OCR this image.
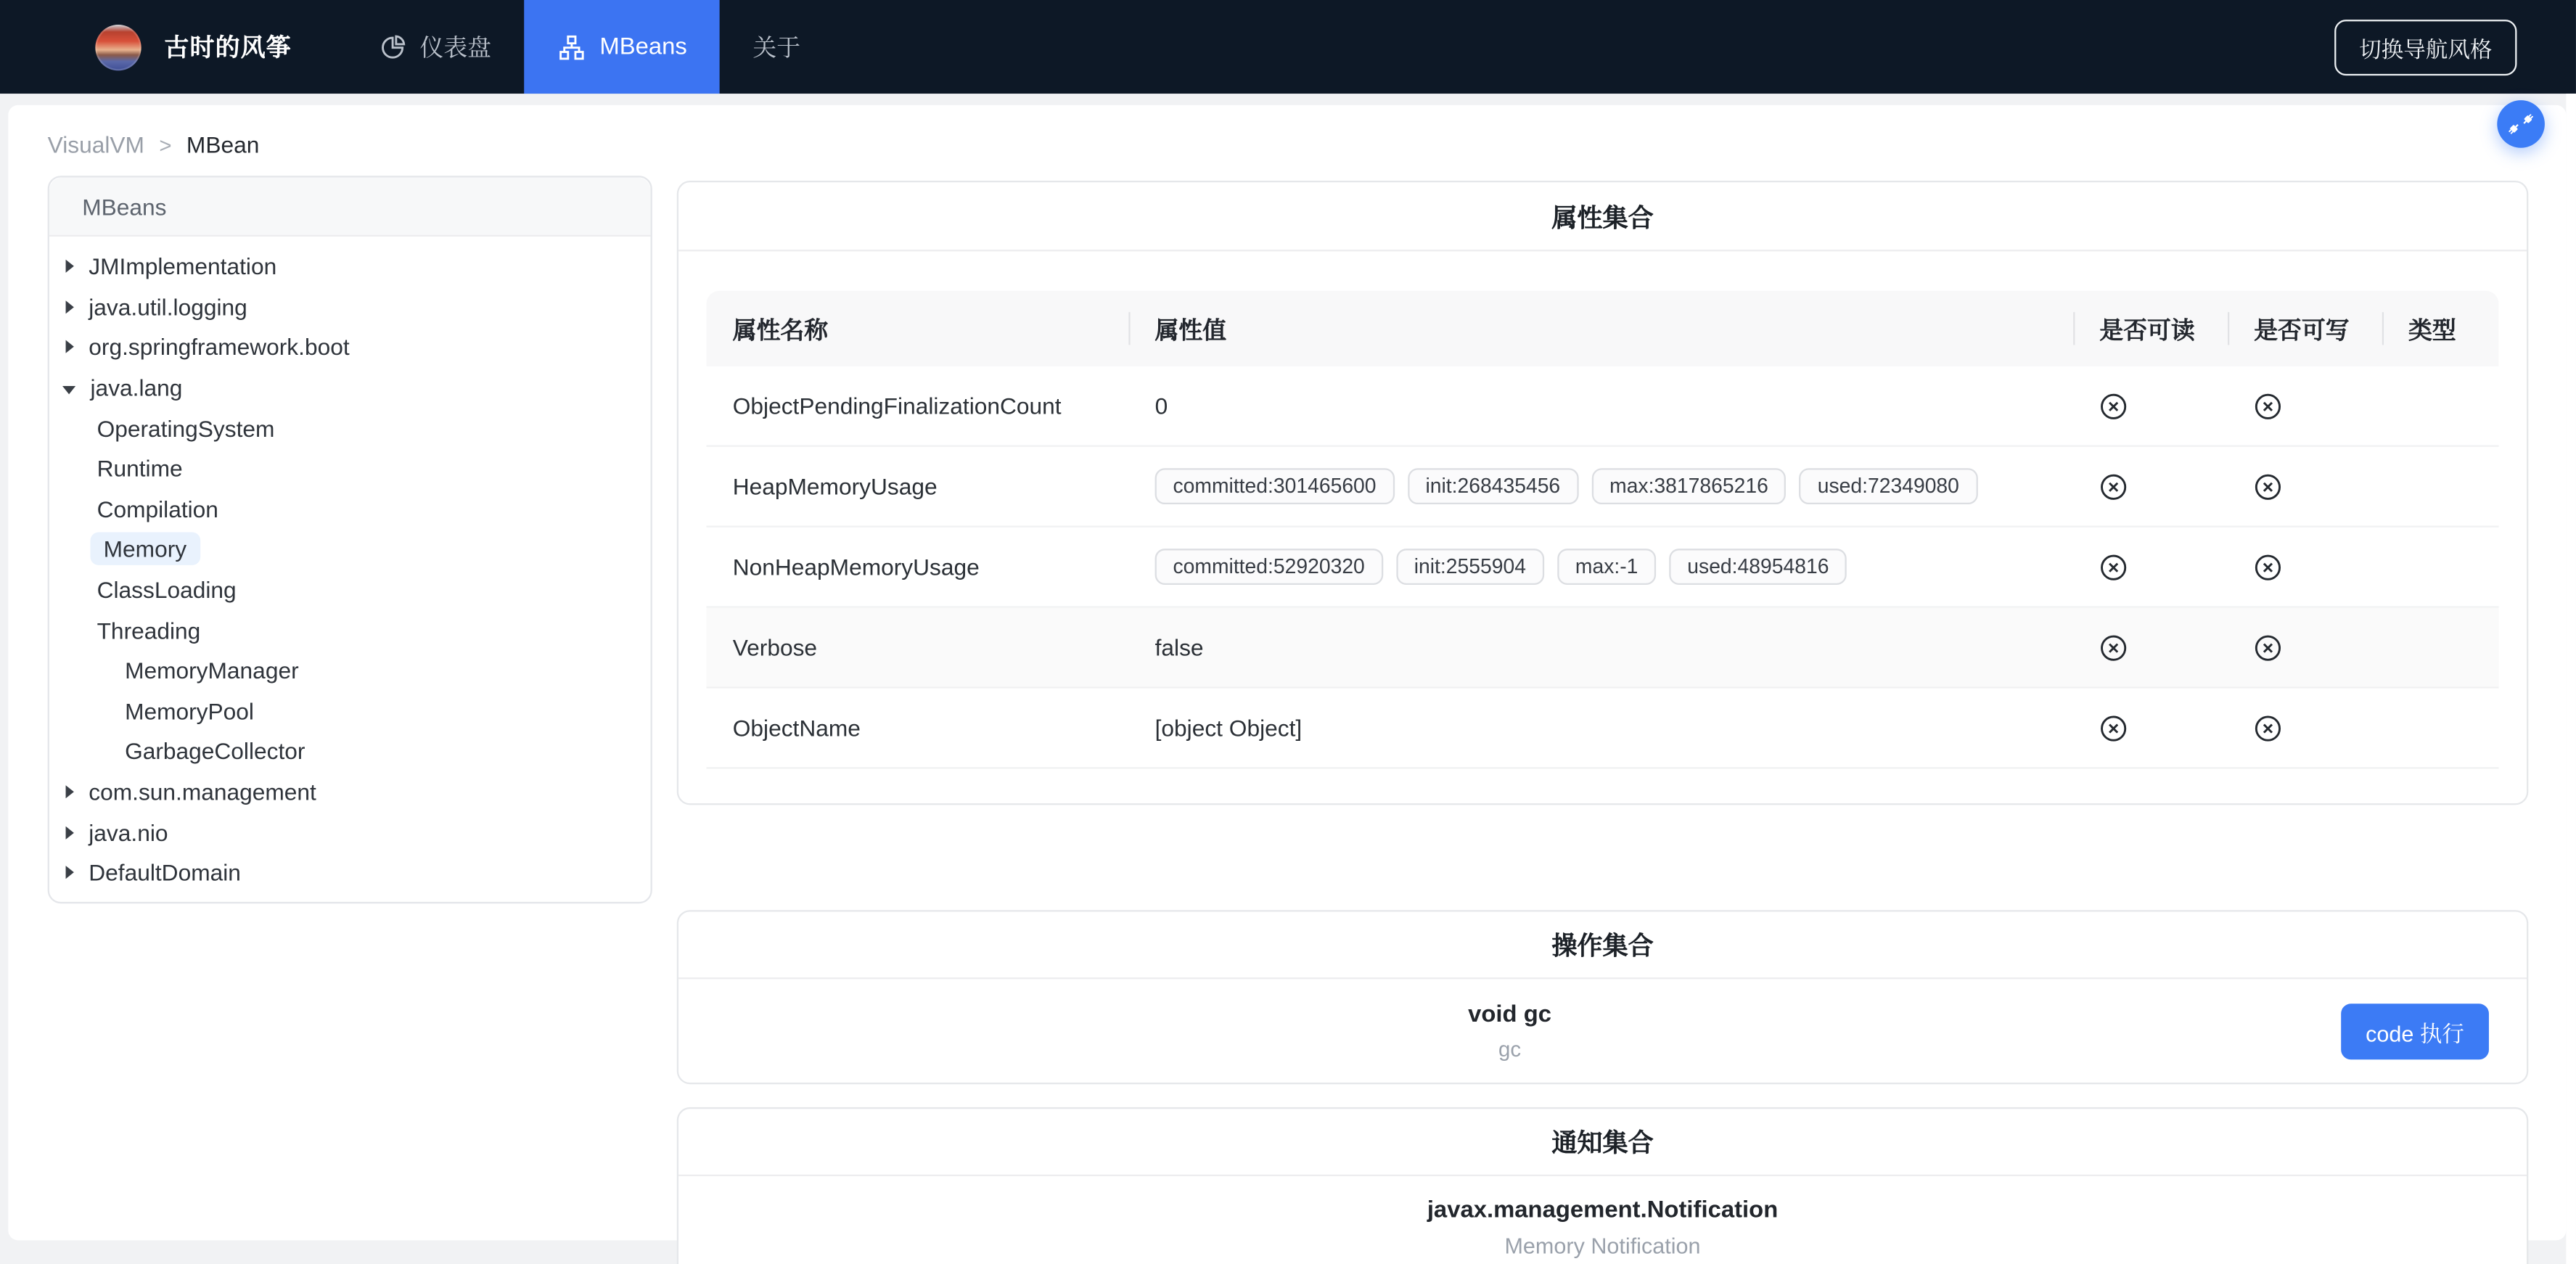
古时的风筝	仪表盘	MBeans	关于	切换导航风格
VisualVM > MBean
MBeans
JMImplementation
java.util.logging
org.springframework.boot
java.lang
OperatingSystem
Runtime
Compilation
Memory
ClassLoading
Threading
MemoryManager
MemoryPool
GarbageCollector
com.sun.management
java.nio
DefaultDomain
属性集合
属性名称	属性值	是否可读	是否可写	类型
ObjectPendingFinalizationCount	0
HeapMemoryUsage	committed:301465600	init:268435456	max:3817865216	used:72349080
NonHeapMemoryUsage	committed:52920320	init:2555904	max:-1	used:48954816
Verbose	false
ObjectName	[object Object]
操作集合
void gc
gc
code 执行
通知集合
javax.management.Notification
Memory Notification
